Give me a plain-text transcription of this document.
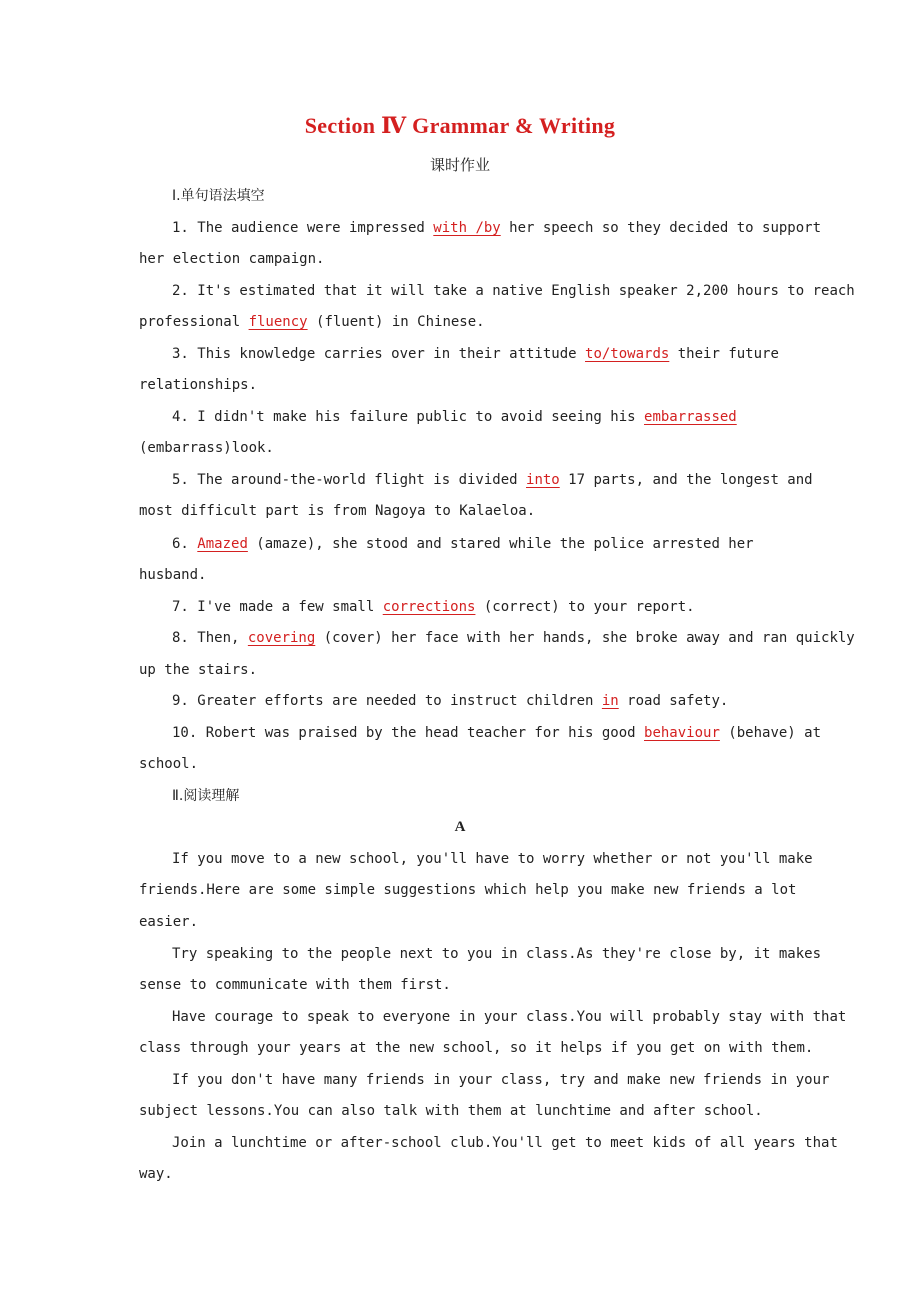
Section Ⅳ Grammar & Writing
课时作业
Ⅰ.单句语法填空
1. The audience were impressed with /by her speech so they decided to support
her election campaign.
2. It's estimated that it will take a native English speaker 2,200 hours to reach
professional fluency (fluent) in Chinese.
3. This knowledge carries over in their attitude to/towards their future
relationships.
4. I didn't make his failure public to avoid seeing his embarrassed
(embarrass)look.
5. The around-the-world flight is divided into 17 parts, and the longest and
most difficult part is from Nagoya to Kalaeloa.
6. Amazed (amaze), she stood and stared while the police arrested her
husband.
7. I've made a few small corrections (correct) to your report.
8. Then, covering (cover) her face with her hands, she broke away and ran quickly
up the stairs.
9. Greater efforts are needed to instruct children in road safety.
10. Robert was praised by the head teacher for his good behaviour (behave) at
school.
Ⅱ.阅读理解
A
If you move to a new school, you'll have to worry whether or not you'll make
friends.Here are some simple suggestions which help you make new friends a lot
easier.
Try speaking to the people next to you in class.As they're close by, it makes
sense to communicate with them first.
Have courage to speak to everyone in your class.You will probably stay with that
class through your years at the new school, so it helps if you get on with them.
If you don't have many friends in your class, try and make new friends in your
subject lessons.You can also talk with them at lunchtime and after school.
Join a lunchtime or after-school club.You'll get to meet kids of all years that
way.
